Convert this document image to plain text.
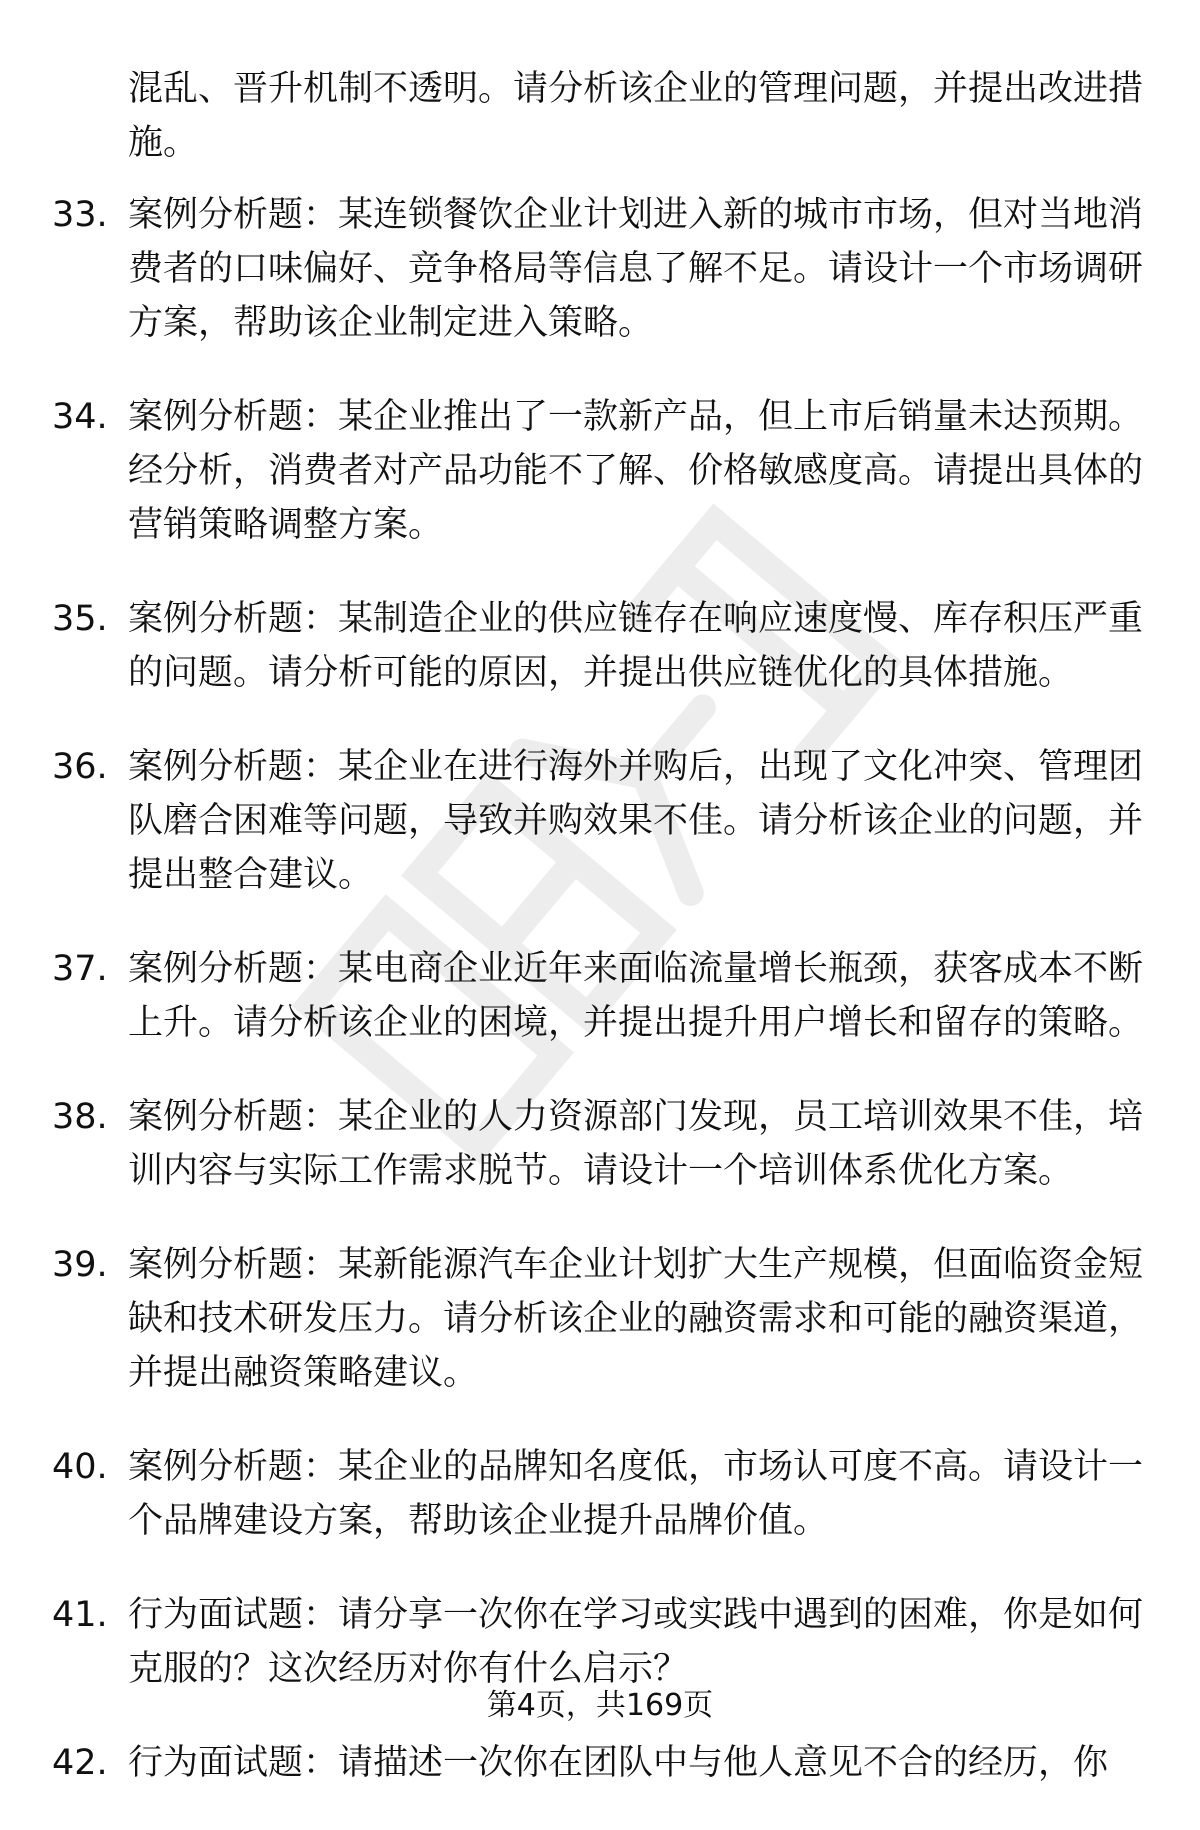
混乱、晋升机制不透明。请分析该企业的管理问题，并提出改进措施。

33. 案例分析题：某连锁餐饮企业计划进入新的城市市场，但对当地消费者的口味偏好、竞争格局等信息了解不足。请设计一个市场调研方案，帮助该企业制定进入策略。
34. 案例分析题：某企业推出了一款新产品，但上市后销量未达预期。经分析，消费者对产品功能不了解、价格敏感度高。请提出具体的营销策略调整方案。
35. 案例分析题：某制造企业的供应链存在响应速度慢、库存积压严重的问题。请分析可能的原因，并提出供应链优化的具体措施。
36. 案例分析题：某企业在进行海外并购后，出现了文化冲突、管理团队磨合困难等问题，导致并购效果不佳。请分析该企业的问题，并提出整合建议。
37. 案例分析题：某电商企业近年来面临流量增长瓶颈，获客成本不断上升。请分析该企业的困境，并提出提升用户增长和留存的策略。
38. 案例分析题：某企业的人力资源部门发现，员工培训效果不佳，培训内容与实际工作需求脱节。请设计一个培训体系优化方案。
39. 案例分析题：某新能源汽车企业计划扩大生产规模，但面临资金短缺和技术研发压力。请分析该企业的融资需求和可能的融资渠道，并提出融资策略建议。
40. 案例分析题：某企业的品牌知名度低，市场认可度不高。请设计一个品牌建设方案，帮助该企业提升品牌价值。
41. 行为面试题：请分享一次你在学习或实践中遇到的困难，你是如何克服的？这次经历对你有什么启示？
42. 行为面试题：请描述一次你在团队中与他人意见不合的经历，你
第4页，共169页
